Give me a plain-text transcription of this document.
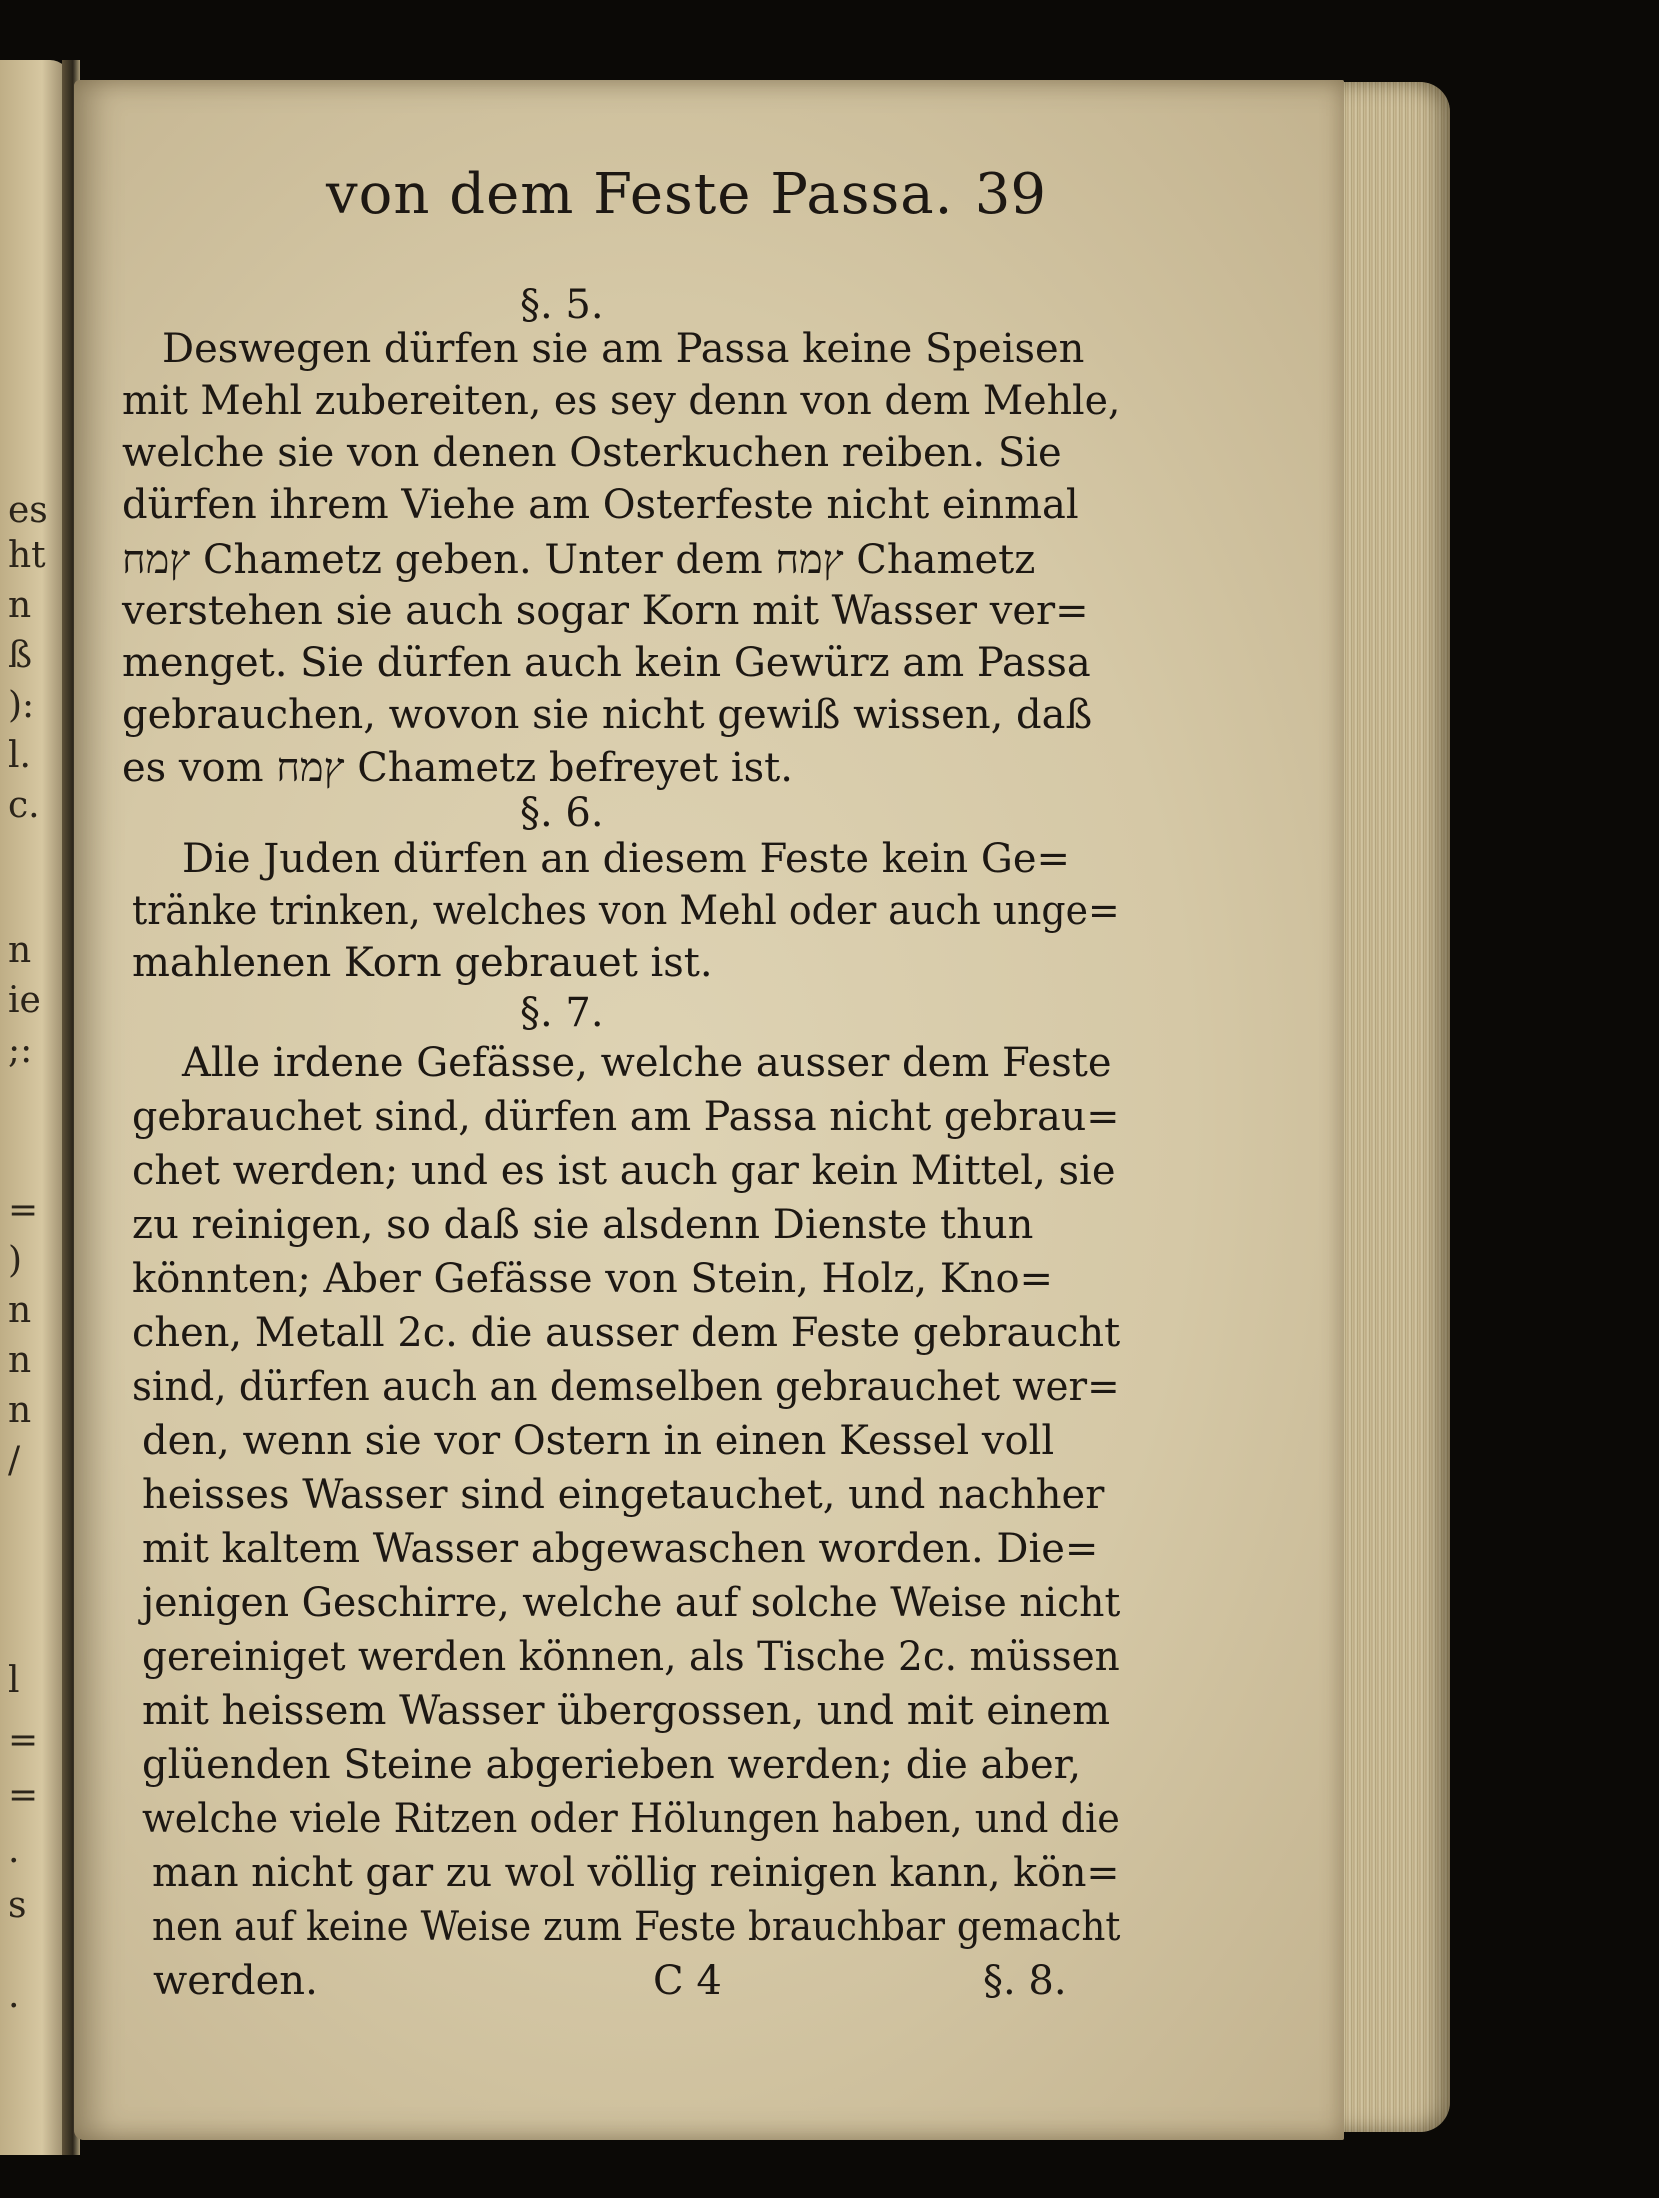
es
ht
n
ß
):
l.
c.
n
ie
;:
=
)
n
n
n
/
l
=
=
.
s
.
von dem Feste Passa. 39
§. 5.
Deswegen dürfen sie am Passa keine Speisen
mit Mehl zubereiten, es sey denn von dem Mehle,
welche sie von denen Osterkuchen reiben. Sie
dürfen ihrem Viehe am Osterfeste nicht einmal
ץמח Chametz geben. Unter dem ץמח Chametz
verstehen sie auch sogar Korn mit Wasser ver=
menget. Sie dürfen auch kein Gewürz am Passa
gebrauchen, wovon sie nicht gewiß wissen, daß
es vom ץמח Chametz befreyet ist.
§. 6.
Die Juden dürfen an diesem Feste kein Ge=
tränke trinken, welches von Mehl oder auch unge=
mahlenen Korn gebrauet ist.
§. 7.
Alle irdene Gefässe, welche ausser dem Feste
gebrauchet sind, dürfen am Passa nicht gebrau=
chet werden; und es ist auch gar kein Mittel, sie
zu reinigen, so daß sie alsdenn Dienste thun
könnten; Aber Gefässe von Stein, Holz, Kno=
chen, Metall 2c. die ausser dem Feste gebraucht
sind, dürfen auch an demselben gebrauchet wer=
den, wenn sie vor Ostern in einen Kessel voll
heisses Wasser sind eingetauchet, und nachher
mit kaltem Wasser abgewaschen worden. Die=
jenigen Geschirre, welche auf solche Weise nicht
gereiniget werden können, als Tische 2c. müssen
mit heissem Wasser übergossen, und mit einem
glüenden Steine abgerieben werden; die aber,
welche viele Ritzen oder Hölungen haben, und die
man nicht gar zu wol völlig reinigen kann, kön=
nen auf keine Weise zum Feste brauchbar gemacht
werden.	C 4	§. 8.
